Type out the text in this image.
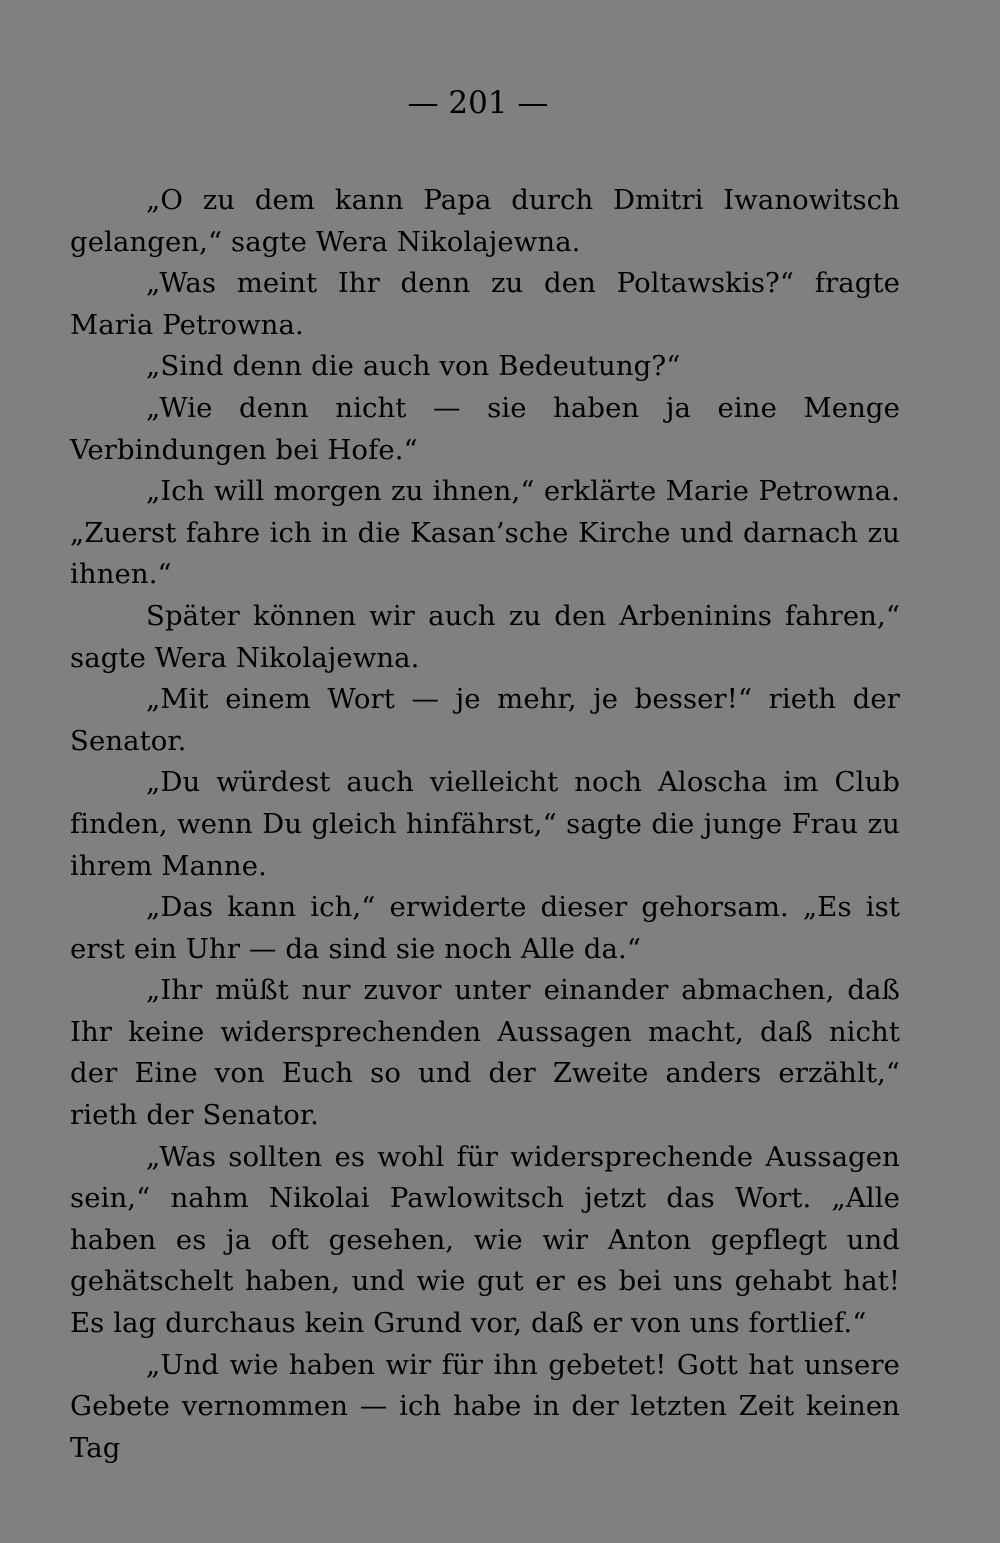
— 201 —

„O zu dem kann Papa durch Dmitri Iwanowitsch gelangen,“ sagte Wera Nikolajewna.

„Was meint Ihr denn zu den Poltawskis?“ fragte Maria Petrowna.

„Sind denn die auch von Bedeutung?“

„Wie denn nicht — sie haben ja eine Menge Verbindungen bei Hofe.“

„Ich will morgen zu ihnen,“ erklärte Marie Petrowna. „Zuerst fahre ich in die Kasan’sche Kirche und darnach zu ihnen.“

Später können wir auch zu den Arbeninins fahren,“ sagte Wera Nikolajewna.

„Mit einem Wort — je mehr, je besser!“ rieth der Senator.

„Du würdest auch vielleicht noch Aloscha im Club finden, wenn Du gleich hinfährst,“ sagte die junge Frau zu ihrem Manne.

„Das kann ich,“ erwiderte dieser gehorsam. „Es ist erst ein Uhr — da sind sie noch Alle da.“

„Ihr müßt nur zuvor unter einander abmachen, daß Ihr keine widersprechenden Aussagen macht, daß nicht der Eine von Euch so und der Zweite anders erzählt,“ rieth der Senator.

„Was sollten es wohl für widersprechende Aussagen sein,“ nahm Nikolai Pawlowitsch jetzt das Wort. „Alle haben es ja oft gesehen, wie wir Anton gepflegt und gehätschelt haben, und wie gut er es bei uns gehabt hat! Es lag durchaus kein Grund vor, daß er von uns fortlief.“

„Und wie haben wir für ihn gebetet! Gott hat unsere Gebete vernommen — ich habe in der letzten Zeit keinen Tag
